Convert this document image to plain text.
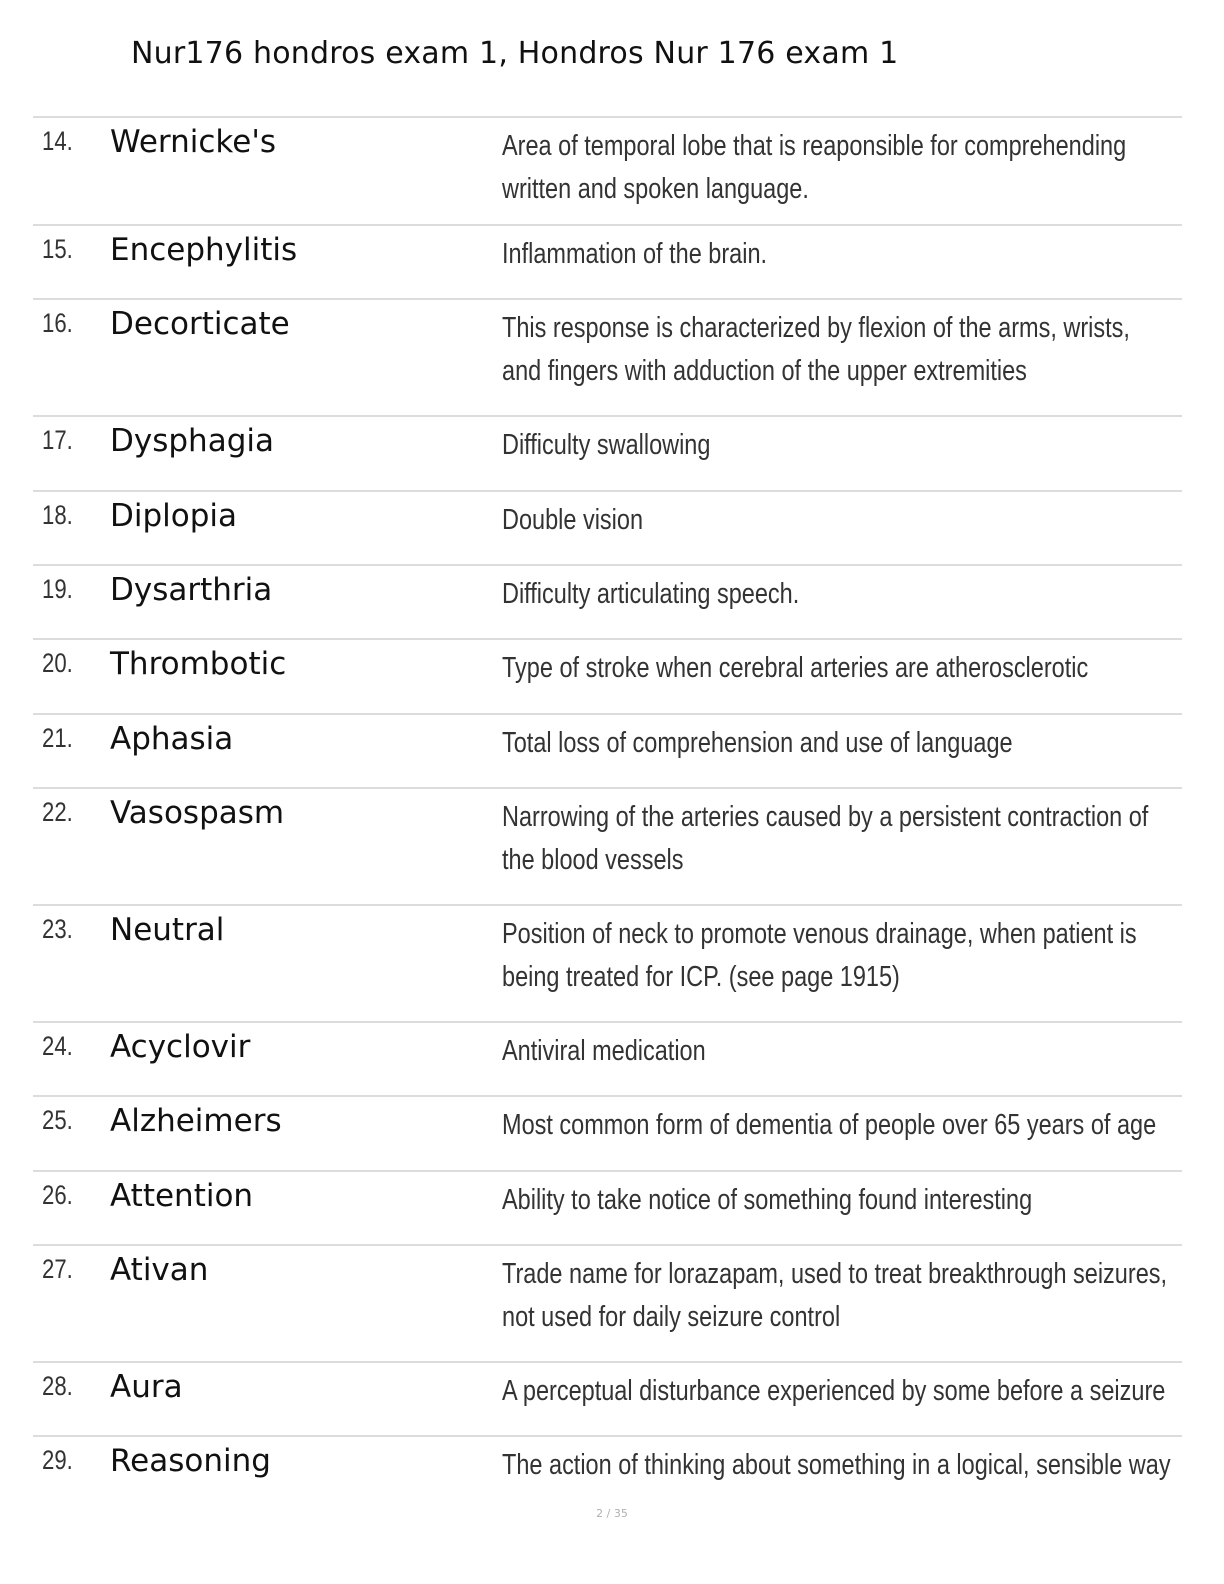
Nur176 hondros exam 1, Hondros Nur 176 exam 1
14. Wernicke's	Area of temporal lobe that is reaponsible for comprehending written and spoken language.
15. Encephylitis	Inflammation of the brain.
16. Decorticate	This response is characterized by flexion of the arms, wrists, and fingers with adduction of the upper extremities
17. Dysphagia	Difficulty swallowing
18. Diplopia	Double vision
19. Dysarthria	Difficulty articulating speech.
20. Thrombotic	Type of stroke when cerebral arteries are atherosclerotic
21. Aphasia	Total loss of comprehension and use of language
22. Vasospasm	Narrowing of the arteries caused by a persistent contraction of the blood vessels
23. Neutral	Position of neck to promote venous drainage, when patient is being treated for ICP. (see page 1915)
24. Acyclovir	Antiviral medication
25. Alzheimers	Most common form of dementia of people over 65 years of age
26. Attention	Ability to take notice of something found interesting
27. Ativan	Trade name for lorazapam, used to treat breakthrough seizures, not used for daily seizure control
28. Aura	A perceptual disturbance experienced by some before a seizure
29. Reasoning	The action of thinking about something in a logical, sensible way
2 / 35
